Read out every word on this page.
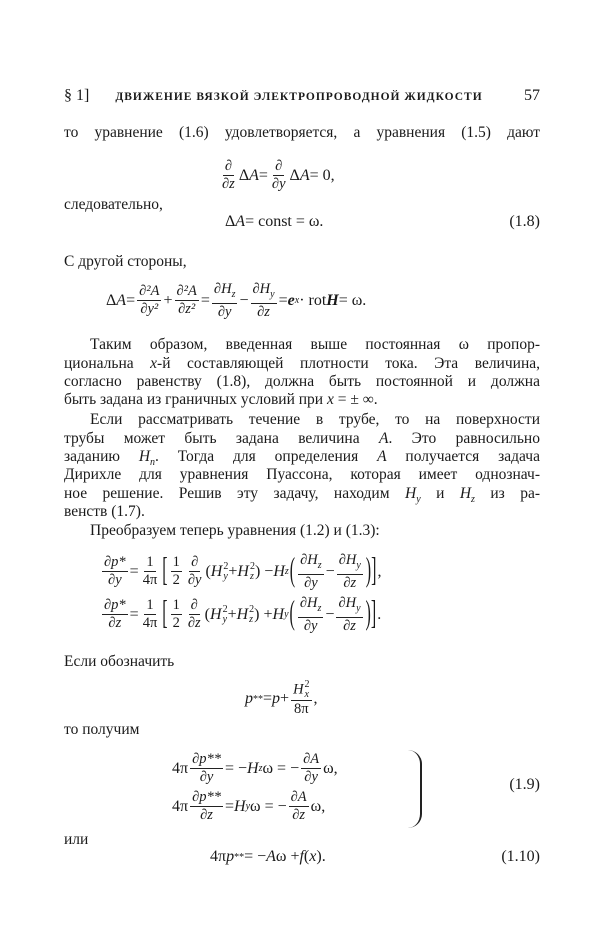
§ 1] ДВИЖЕНИЕ ВЯЗКОЙ ЭЛЕКТРОПРОВОДНОЙ ЖИДКОСТИ	57
то уравнение (1.6) удовлетворяется, а уравнения (1.5) дают
$\frac{\partial}{\partial z}$ Δ $A = \frac{\partial}{\partial y}$ Δ A = 0,
следовательно,
Δ A = const = ω.	(1.8)
С другой стороны,
Δ $A = \frac{\text{∂²A}}{\text{∂y²}} + \frac{\text{∂²A}}{\text{∂z²}} = \frac{\partial H_z}{\partial y} - \frac{\partial H_y}{\partial z} = e$ x · rot H = ω.
Таким образом, введенная выше постоянная ω пропор-
циональна x-й составляющей плотности тока. Эта величина,
согласно равенству (1.8), должна быть постоянной и должна
быть задана из граничных условий при x = ± ∞.
Если рассматривать течение в трубе, то на поверхности
трубы может быть задана величина A. Это равносильно
заданию $H_n$. Тогда для определения A получается задача
Дирихле для уравнения Пуассона, которая имеет однознач-
ное решение. Решив эту задачу, находим $H_y$ и $H_z$ из ра-
венств (1.7).
Преобразуем теперь уравнения (1.2) и (1.3):
$\frac{\partial p*}{\partial y} = \frac{1}{4\pi}$ [ $\frac{1}{2} \frac{\partial}{\partial y}$ ( H 2
y + H 2
z ) − H z ( $\frac{\partial H_z}{\partial y} - \frac{\partial H_y}{\partial z}$ )] ,
$\frac{\partial p*}{\partial z} = \frac{1}{4\pi}$ [ $\frac{1}{2} \frac{\partial}{\partial z}$ ( H 2
y + H 2
z ) + H y ( $\frac{\partial H_z}{\partial y} - \frac{\partial H_y}{\partial z}$ )] .
Если обозначить
p ** = p + H 2
x
8π ,
то получим
$4\pi \frac{\partial p**}{\partial y}$ = − H z ω = − $\frac{\partial A}{\partial y} \omega$,
$4\pi \frac{\partial p**}{\partial z} = H$ y ω = − $\frac{\partial A}{\partial z} \omega$,
(1.9)
или
4π p ** = − A ω + f ( x ).	(1.10)
